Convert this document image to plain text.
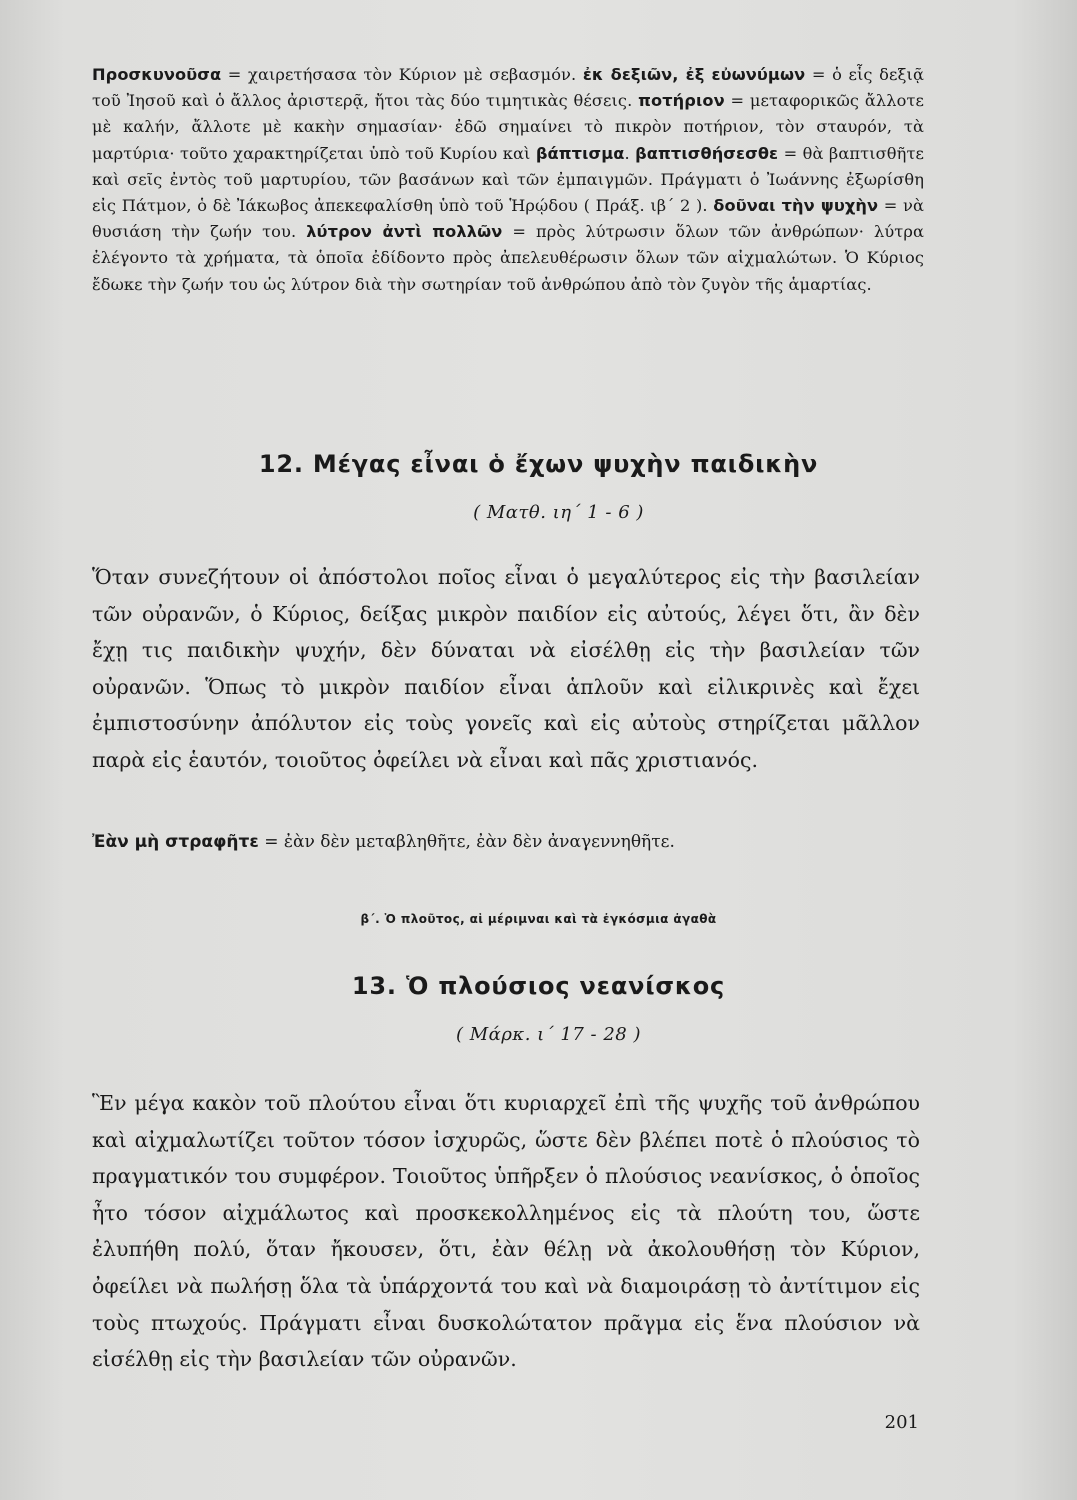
Προσκυνοῦσα = χαιρετήσασα τὸν Κύριον μὲ σεβασμόν. ἐκ δεξιῶν, ἐξ εὐωνύμων = ὁ εἷς δεξιᾷ τοῦ Ἰησοῦ καὶ ὁ ἄλλος ἀριστερᾷ, ἤτοι τὰς δύο τιμητικὰς θέσεις. ποτήριον = μεταφορικῶς ἄλλοτε μὲ καλήν, ἄλλοτε μὲ κακὴν σημασίαν· ἐδῶ σημαίνει τὸ πικρὸν ποτήριον, τὸν σταυρόν, τὰ μαρτύρια· τοῦτο χαρακτηρίζεται ὑπὸ τοῦ Κυρίου καὶ βάπτισμα. βαπτισθήσεσθε = θὰ βαπτισθῆτε καὶ σεῖς ἐντὸς τοῦ μαρτυρίου, τῶν βασάνων καὶ τῶν ἐμπαιγμῶν. Πράγματι ὁ Ἰωάννης ἐξωρίσθη εἰς Πάτμον, ὁ δὲ Ἰάκωβος ἀπεκεφαλίσθη ὑπὸ τοῦ Ἡρῴδου ( Πράξ. ιβ΄ 2 ). δοῦναι τὴν ψυχὴν = νὰ θυσιάση τὴν ζωήν του. λύτρον ἀντὶ πολλῶν = πρὸς λύτρωσιν ὅλων τῶν ἀνθρώπων· λύτρα ἐλέγοντο τὰ χρήματα, τὰ ὁποῖα ἐδίδοντο πρὸς ἀπελευθέρωσιν ὅλων τῶν αἰχμαλώτων. Ὁ Κύριος ἔδωκε τὴν ζωήν του ὡς λύτρον διὰ τὴν σωτηρίαν τοῦ ἀνθρώπου ἀπὸ τὸν ζυγὸν τῆς ἁμαρτίας.

12. Μέγας εἶναι ὁ ἔχων ψυχὴν παιδικὴν
( Ματθ. ιη΄ 1 - 6 )

Ὅταν συνεζήτουν οἱ ἀπόστολοι ποῖος εἶναι ὁ μεγαλύτερος εἰς τὴν βασιλείαν τῶν οὐρανῶν, ὁ Κύριος, δείξας μικρὸν παιδίον εἰς αὐτούς, λέγει ὅτι, ἂν δὲν ἔχῃ τις παιδικὴν ψυχήν, δὲν δύναται νὰ εἰσέλθῃ εἰς τὴν βασιλείαν τῶν οὐρανῶν. Ὅπως τὸ μικρὸν παιδίον εἶναι ἁπλοῦν καὶ εἰλικρινὲς καὶ ἔχει ἐμπιστοσύνην ἀπόλυτον εἰς τοὺς γονεῖς καὶ εἰς αὐτοὺς στηρίζεται μᾶλλον παρὰ εἰς ἑαυτόν, τοιοῦτος ὀφείλει νὰ εἶναι καὶ πᾶς χριστιανός.

Ἐὰν μὴ στραφῆτε = ἐὰν δὲν μεταβληθῆτε, ἐὰν δὲν ἀναγεννηθῆτε.
β΄. Ὁ πλοῦτος, αἱ μέριμναι καὶ τὰ ἐγκόσμια ἀγαθὰ
13. Ὁ πλούσιος νεανίσκος
( Μάρκ. ι΄ 17 - 28 )

Ἓν μέγα κακὸν τοῦ πλούτου εἶναι ὅτι κυριαρχεῖ ἐπὶ τῆς ψυχῆς τοῦ ἀνθρώπου καὶ αἰχμαλωτίζει τοῦτον τόσον ἰσχυρῶς, ὥστε δὲν βλέπει ποτὲ ὁ πλούσιος τὸ πραγματικόν του συμφέρον. Τοιοῦτος ὑπῆρξεν ὁ πλούσιος νεανίσκος, ὁ ὁποῖος ἦτο τόσον αἰχμάλωτος καὶ προσκεκολλημένος εἰς τὰ πλούτη του, ὥστε ἐλυπήθη πολύ, ὅταν ἤκουσεν, ὅτι, ἐὰν θέλῃ νὰ ἀκολουθήσῃ τὸν Κύριον, ὀφείλει νὰ πωλήσῃ ὅλα τὰ ὑπάρχοντά του καὶ νὰ διαμοιράσῃ τὸ ἀντίτιμον εἰς τοὺς πτωχούς. Πράγματι εἶναι δυσκολώτατον πρᾶγμα εἰς ἕνα πλούσιον νὰ εἰσέλθῃ εἰς τὴν βασιλείαν τῶν οὐρανῶν.

201
